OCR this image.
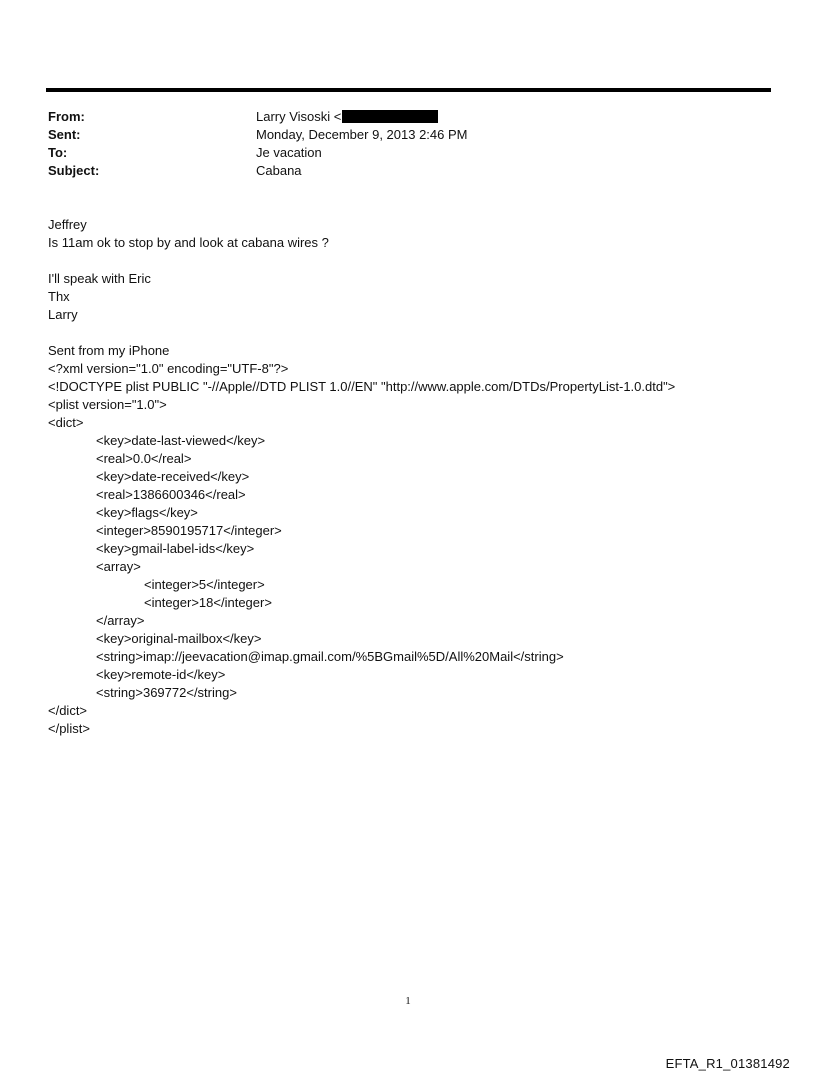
From:	Larry Visoski <
Sent:	Monday, December 9, 2013 2:46 PM
To:	Je vacation
Subject:	Cabana
Jeffrey
Is 11am ok to stop by and look at cabana wires ?
I'll speak with Eric
Thx
Larry
Sent from my iPhone
<?xml version="1.0" encoding="UTF-8"?>
<!DOCTYPE plist PUBLIC "-//Apple//DTD PLIST 1.0//EN" "http://www.apple.com/DTDs/PropertyList-1.0.dtd">
<plist version="1.0">
<dict>
<key>date-last-viewed</key>
<real>0.0</real>
<key>date-received</key>
<real>1386600346</real>
<key>flags</key>
<integer>8590195717</integer>
<key>gmail-label-ids</key>
<array>
<integer>5</integer>
<integer>18</integer>
</array>
<key>original-mailbox</key>
<string>imap://jeevacation@imap.gmail.com/%5BGmail%5D/All%20Mail</string>
<key>remote-id</key>
<string>369772</string>
</dict>
</plist>
1
EFTA_R1_01381492
